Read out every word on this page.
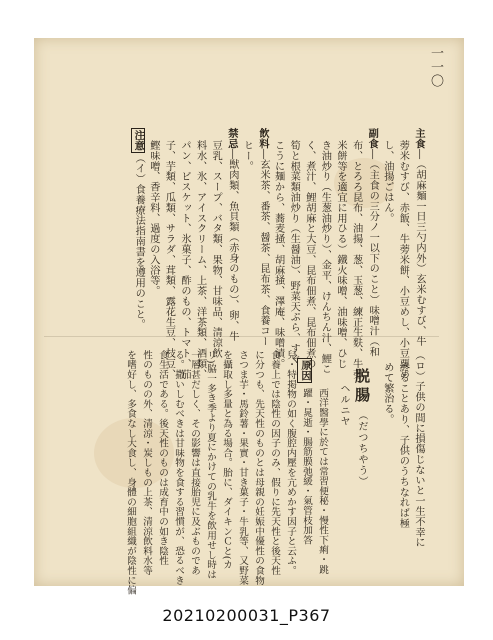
一一〇
主食―（胡麻麺一日三勺内外）玄米むすび、牛
蒡米むすび、赤飯、牛蒡米餅、小豆めし、小豆粟め
し、油揚ごはん。
副食―（主食の三分ノ一以下のこと）味噌汁（和
布、とろろ昆布、油揚、葱、玉葱、練正生麩、牛蒡
米餅等を適宜に用ひる）鐵火味噌、油味噌、ひじ
き油炒り（生葱油炒り）、金平、けんちん汁、鯉こ
く、煮汁、鯉胡麻と大豆、昆布佃煮、昆布佃煮の
筍と根菜類油炒り（生醤油）、野菜天ぷら、すぐ
こうに麺から、蕎麦掻、胡麻掻、澤庵、味噌漬。
飲料―玄米茶、番茶、醤茶、昆布茶、食養コー
ヒー。
禁忌―獣肉類、魚貝類（赤身のもの）、卵、牛
豆乳、スープ、バタ類、果物、甘味品、清涼飲
料水、氷、アイスクリーム、上茶、洋茶類、酒類、
パン、ビスケット、氷菓子、酢のもの、トマト、茄
子、芋類、瓜類、サラダ、茸類、露花生豆、枝豆、
鰹味噌、香辛料、過度の入浴等。
注意（イ）食養療法指南書を遵用のこと。
（ロ）子供の間に損傷じないと一生不幸に
終ることあり、子供のうちなれば極
めて繁治る。
西洋醫學に於ては常習便秘・慢性下痢・跳
躍・晁逝・腸筋膜弛緩・氣管枝加答
兒・特掲物の如く腹腔内壓を亢めかす因子と云ふ。
食養上では陰性の因子のみ、假りに先天性と後天性
に分つも、先天性のものとは母親の妊娠中優性の食物
さつま芋・馬鈴薯・果實・甘き菓子・牛乳等、又野菜
を攝取し多量と為る場合。胎に、ダイキンＣと(カ
リ)脇一多き季より夏にかけての乳牛を飲用せし時は
一層甚だしく、その影響は直接胎児に及ぶものであ
る。撒いしむべきは甘味物を食する習慣が、恐るべき
食生活である。後天性のものは成育中の如き陰性
性のものの外、清涼・炭しもの上茶、清涼飲料水等
を嗜好し、多食なし大食し、身體の細胞組織が陰性に偏	脱腸
（だつちやう）
ヘルニヤ
原因
20210200031_P367
